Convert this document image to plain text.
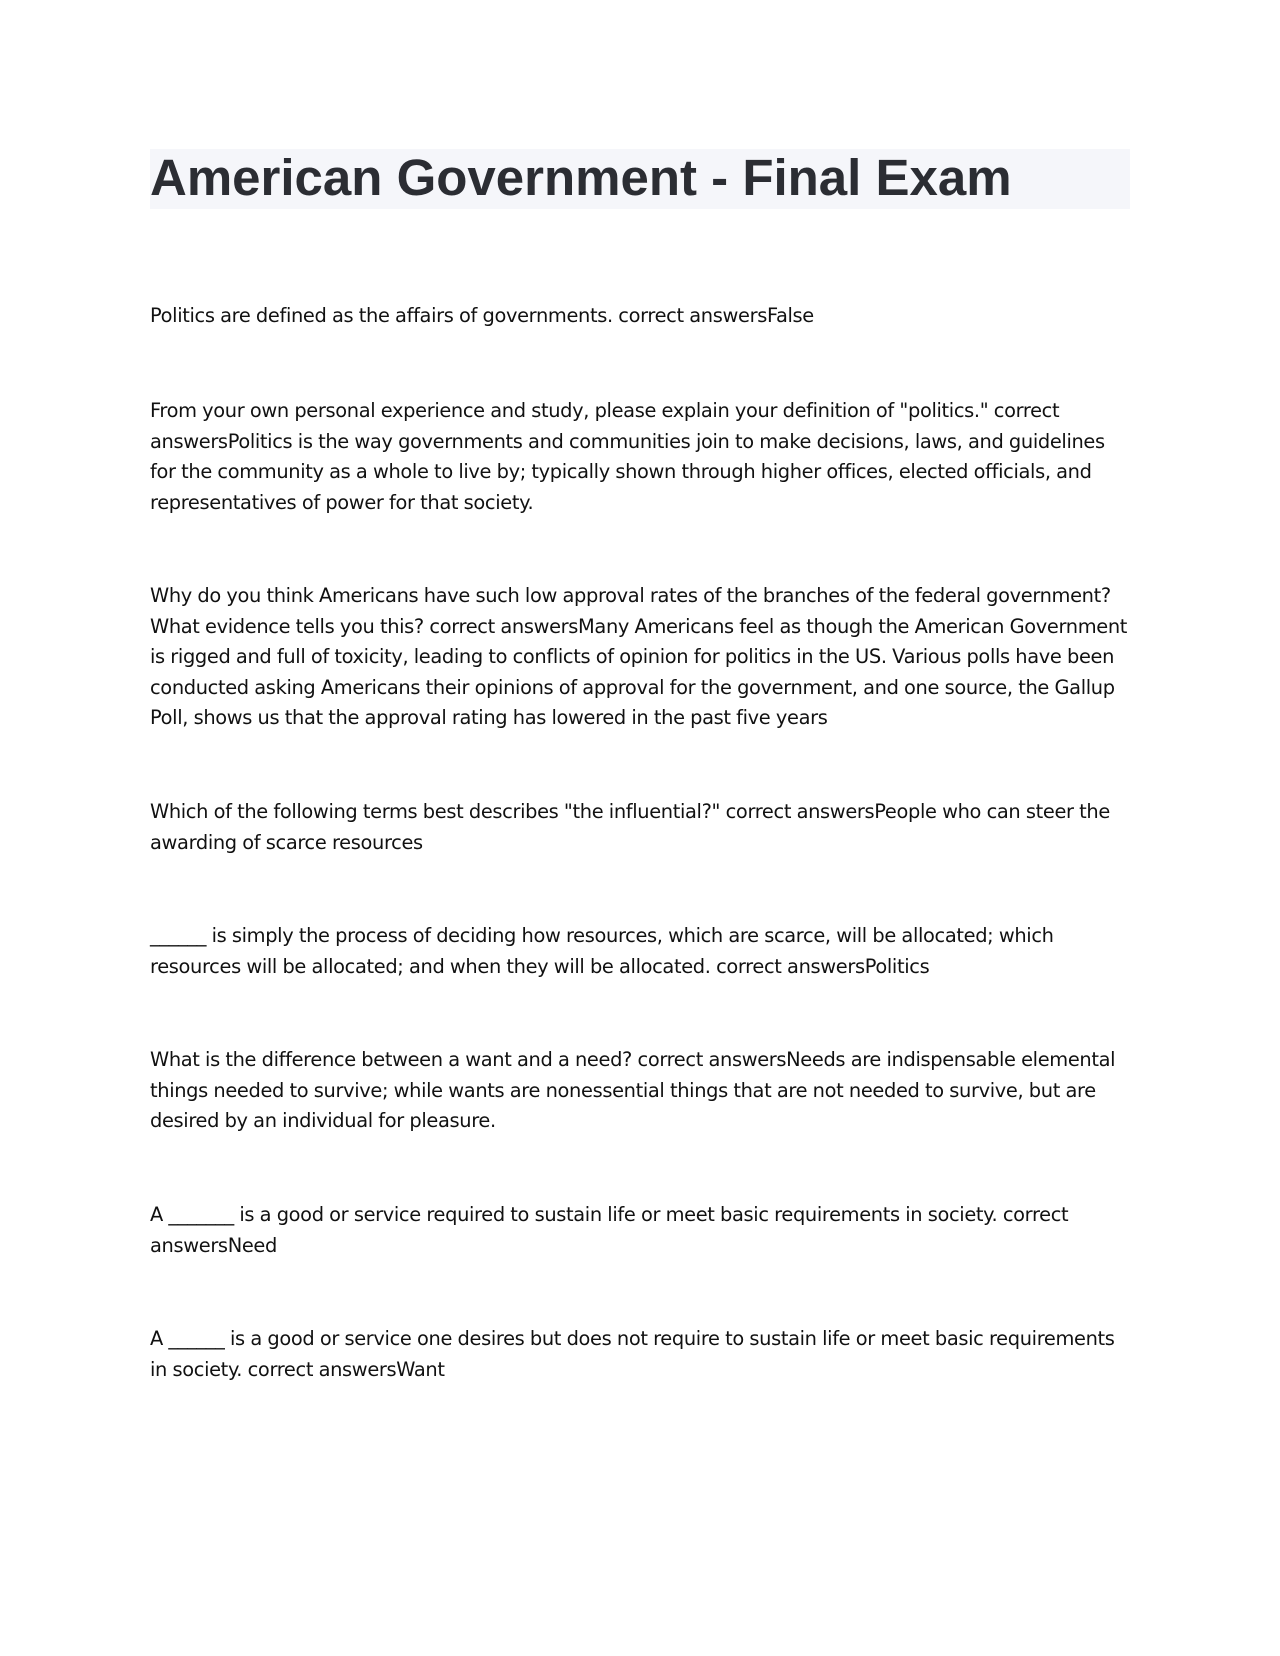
American Government - Final Exam

Politics are defined as the affairs of governments. correct answersFalse

From your own personal experience and study, please explain your definition of "politics." correct answersPolitics is the way governments and communities join to make decisions, laws, and guidelines for the community as a whole to live by; typically shown through higher offices, elected officials, and representatives of power for that society.

Why do you think Americans have such low approval rates of the branches of the federal government? What evidence tells you this? correct answersMany Americans feel as though the American Government is rigged and full of toxicity, leading to conflicts of opinion for politics in the US. Various polls have been conducted asking Americans their opinions of approval for the government, and one source, the Gallup Poll, shows us that the approval rating has lowered in the past five years

Which of the following terms best describes "the influential?" correct answersPeople who can steer the awarding of scarce resources

______ is simply the process of deciding how resources, which are scarce, will be allocated; which resources will be allocated; and when they will be allocated. correct answersPolitics

What is the difference between a want and a need? correct answersNeeds are indispensable elemental things needed to survive; while wants are nonessential things that are not needed to survive, but are desired by an individual for pleasure.

A _______ is a good or service required to sustain life or meet basic requirements in society. correct answersNeed

A ______ is a good or service one desires but does not require to sustain life or meet basic requirements in society. correct answersWant
